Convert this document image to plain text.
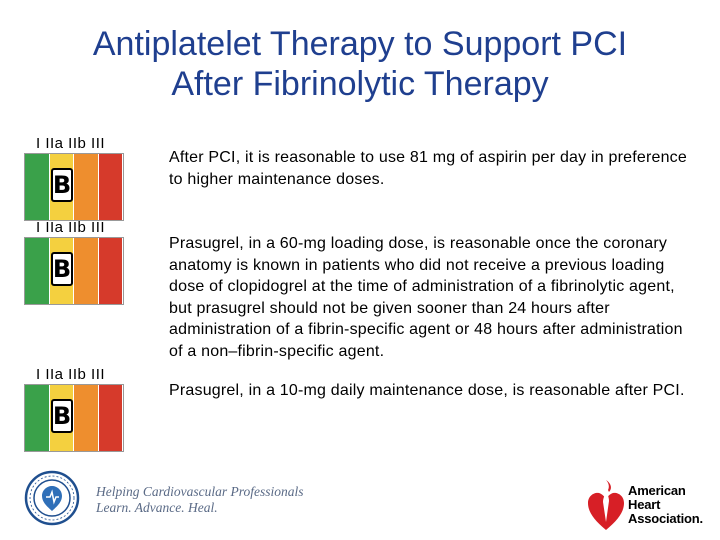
Antiplatelet Therapy to Support PCI
After Fibrinolytic Therapy
I IIa IIb III
B
After PCI, it is reasonable to use 81 mg of aspirin per day in preference to higher maintenance doses.
I IIa IIb III
B
Prasugrel, in a 60-mg loading dose, is reasonable once the coronary anatomy is known in patients who did not receive a previous loading dose of clopidogrel at the time of administration of a fibrinolytic agent, but prasugrel should not be given sooner than 24 hours after administration of a fibrin-specific agent or 48 hours after administration of a non–fibrin-specific agent.
I IIa IIb III
B
Prasugrel, in a 10-mg daily maintenance dose, is reasonable after PCI.
Helping Cardiovascular Professionals
Learn. Advance. Heal.
American
Heart
Association.
